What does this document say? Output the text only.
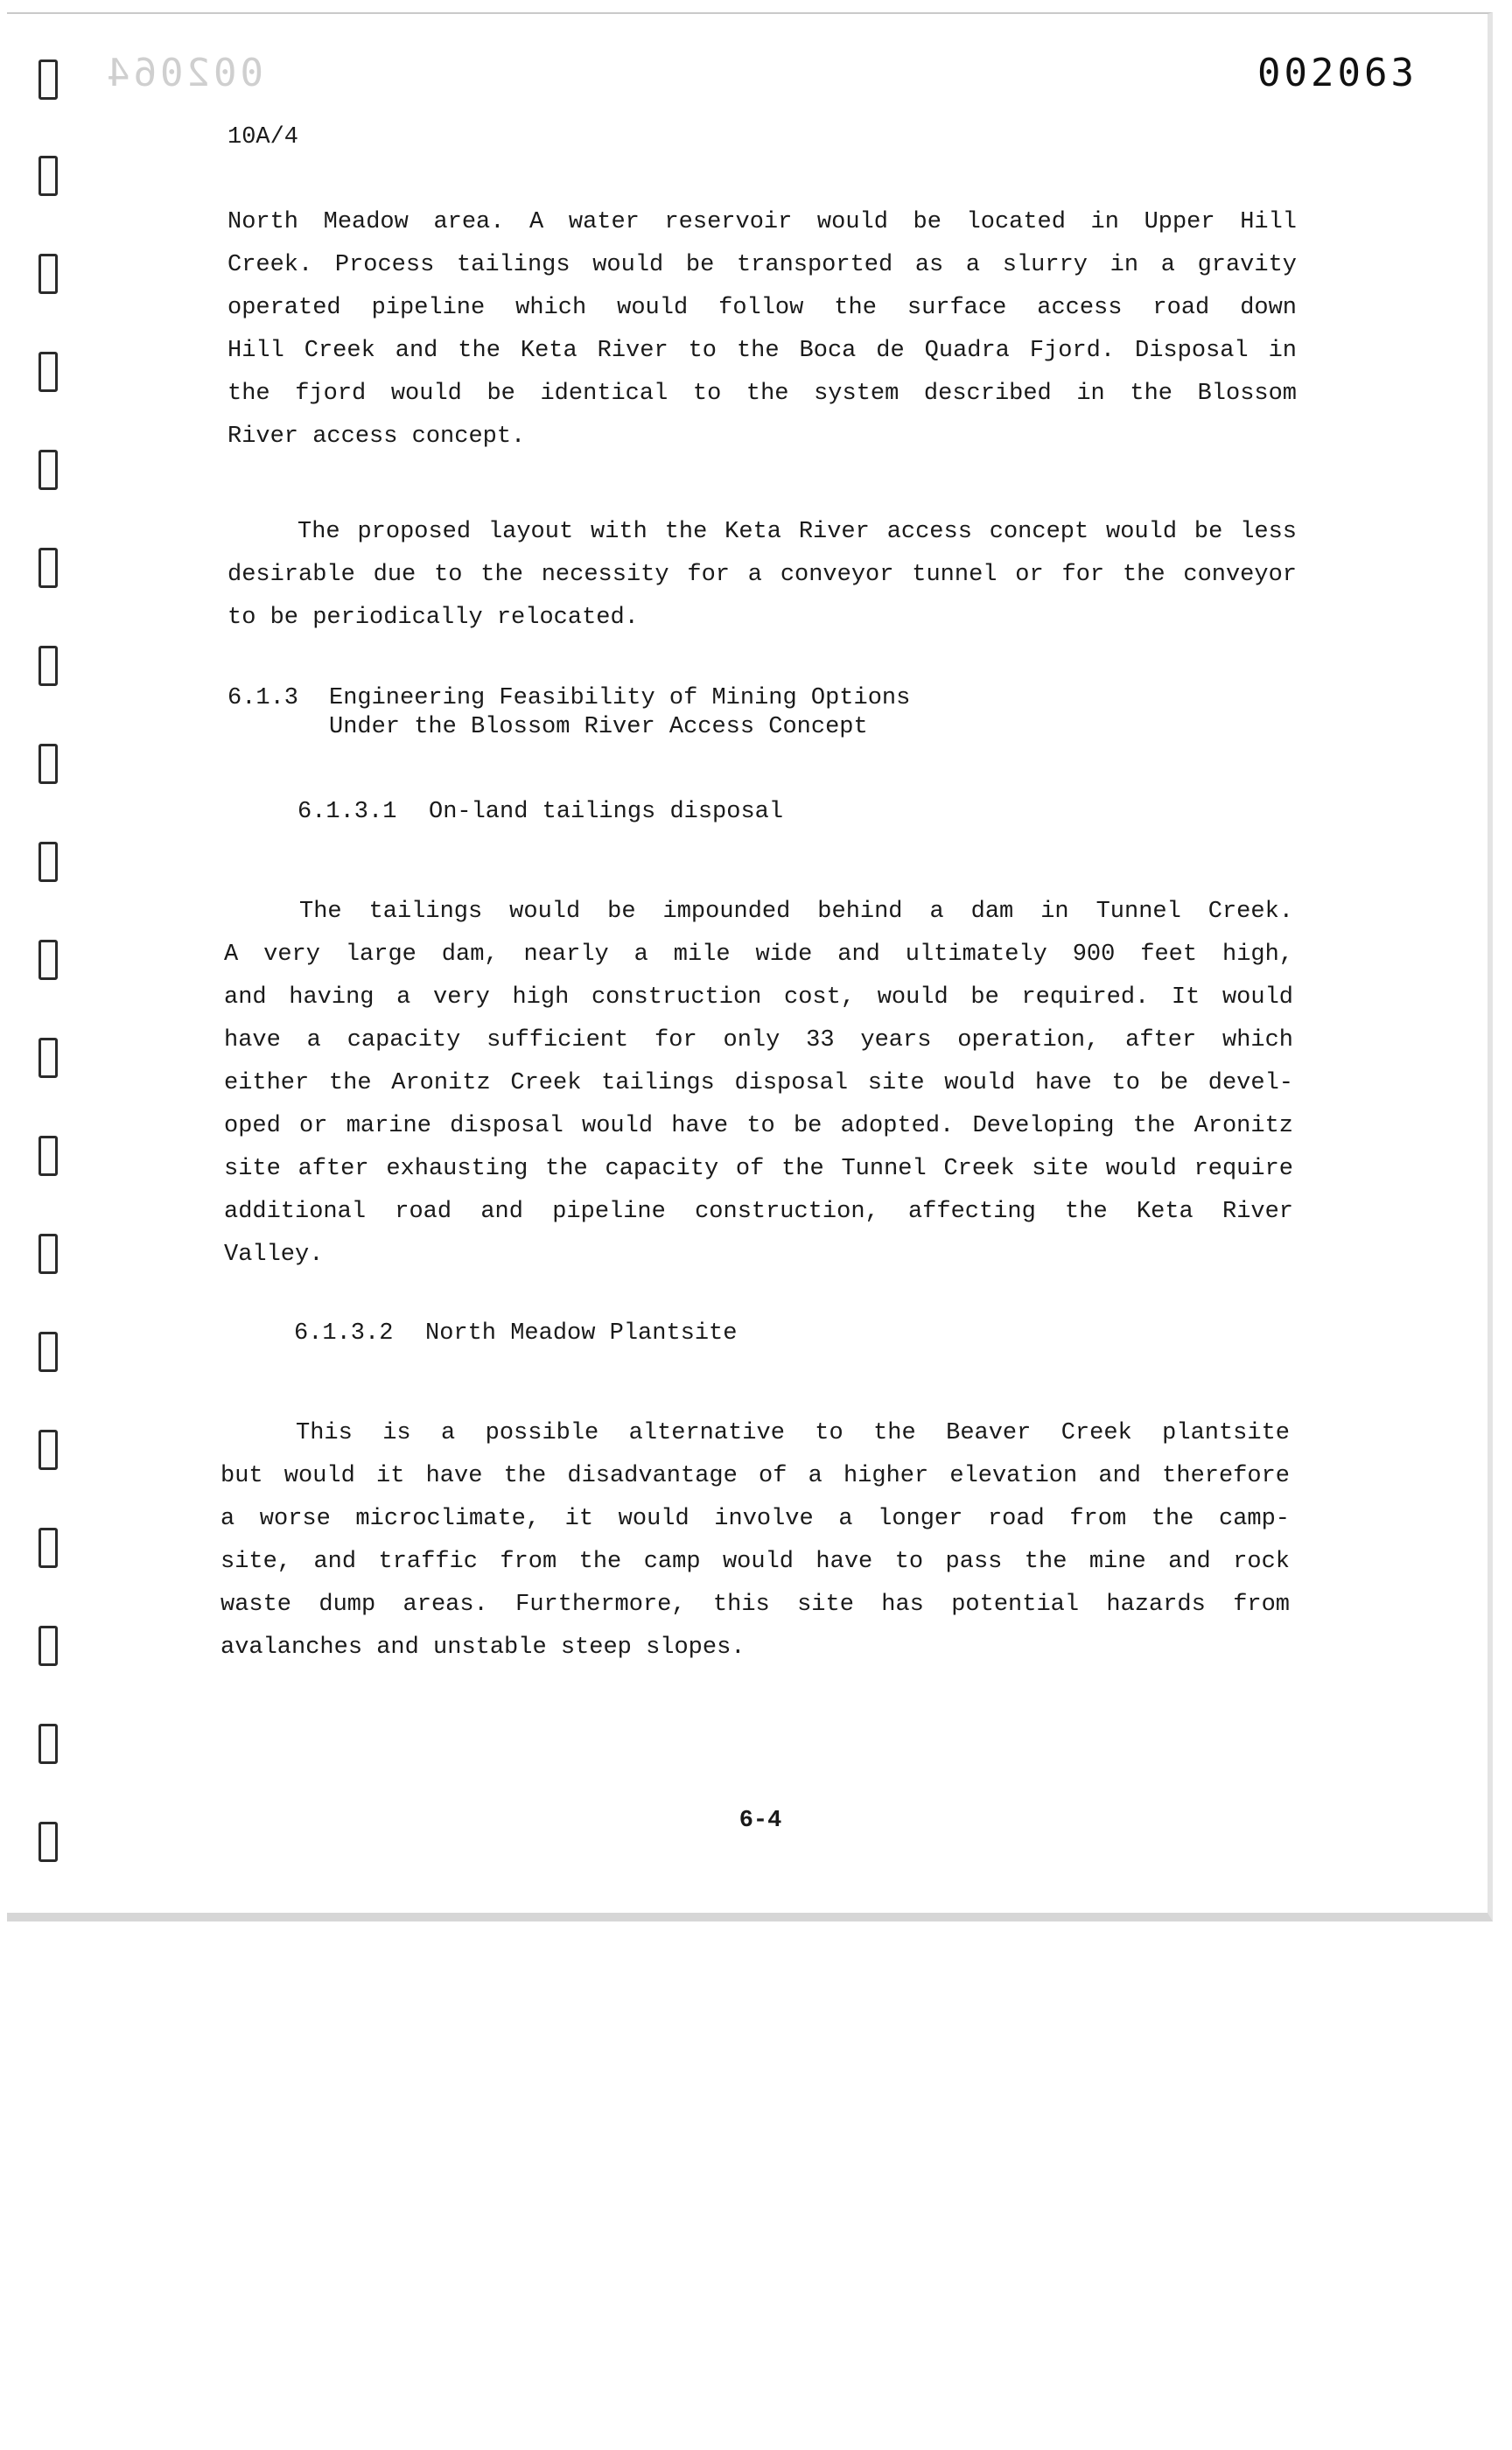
002064	002063
10A/4
North Meadow area. A water reservoir would be located in Upper Hill
Creek. Process tailings would be transported as a slurry in a gravity
operated pipeline which would follow the surface access road down
Hill Creek and the Keta River to the Boca de Quadra Fjord. Disposal in
the fjord would be identical to the system described in the Blossom
River access concept.
The proposed layout with the Keta River access concept would be less
desirable due to the necessity for a conveyor tunnel or for the conveyor
to be periodically relocated.
6.1.3 Engineering Feasibility of Mining Options
Under the Blossom River Access Concept
6.1.3.1 On-land tailings disposal
The tailings would be impounded behind a dam in Tunnel Creek.
A very large dam, nearly a mile wide and ultimately 900 feet high,
and having a very high construction cost, would be required. It would
have a capacity sufficient for only 33 years operation, after which
either the Aronitz Creek tailings disposal site would have to be devel-
oped or marine disposal would have to be adopted. Developing the Aronitz
site after exhausting the capacity of the Tunnel Creek site would require
additional road and pipeline construction, affecting the Keta River
Valley.
6.1.3.2 North Meadow Plantsite
This is a possible alternative to the Beaver Creek plantsite
but would it have the disadvantage of a higher elevation and therefore
a worse microclimate, it would involve a longer road from the camp-
site, and traffic from the camp would have to pass the mine and rock
waste dump areas. Furthermore, this site has potential hazards from
avalanches and unstable steep slopes.
6-4
